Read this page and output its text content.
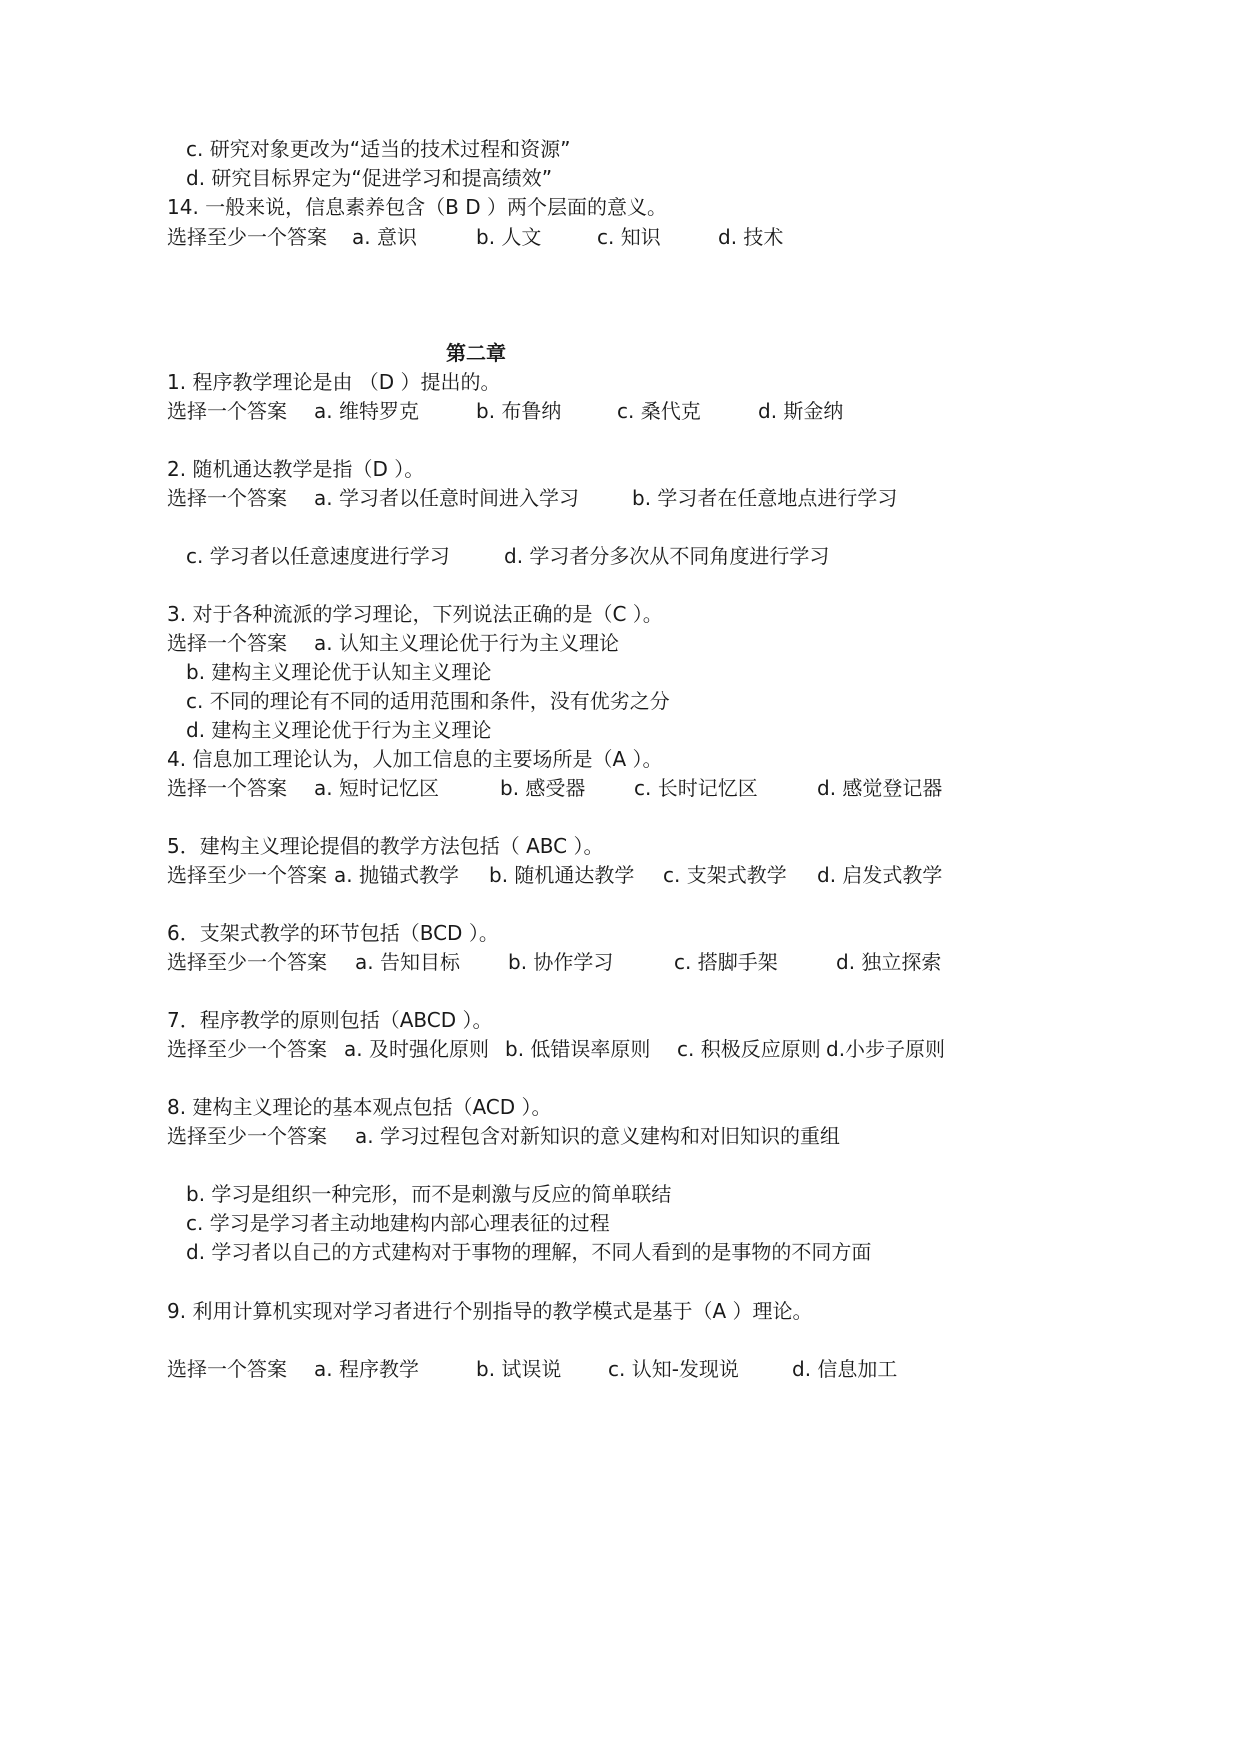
c. 研究对象更改为“适当的技术过程和资源”
d. 研究目标界定为“促进学习和提高绩效”
14. 一般来说，信息素养包含（B D ）两个层面的意义。
选择至少一个答案 a. 意识	b. 人文	c. 知识	d. 技术
第二章
1. 程序教学理论是由 （D ）提出的。
选择一个答案 a. 维特罗克	b. 布鲁纳	c. 桑代克	d. 斯金纳
2. 随机通达教学是指（D ）。
选择一个答案 a. 学习者以任意时间进入学习	b. 学习者在任意地点进行学习
c. 学习者以任意速度进行学习	d. 学习者分多次从不同角度进行学习
3. 对于各种流派的学习理论，下列说法正确的是（C ）。
选择一个答案 a. 认知主义理论优于行为主义理论
b. 建构主义理论优于认知主义理论
c. 不同的理论有不同的适用范围和条件，没有优劣之分
d. 建构主义理论优于行为主义理论
4. 信息加工理论认为，人加工信息的主要场所是（A ）。
选择一个答案 a. 短时记忆区	b. 感受器 c. 长时记忆区	d. 感觉登记器
5．建构主义理论提倡的教学方法包括（ ABC ）。
选择至少一个答案 a. 抛锚式教学 b. 随机通达教学 c. 支架式教学 d. 启发式教学
6．支架式教学的环节包括（BCD ）。
选择至少一个答案 a. 告知目标 b. 协作学习	c. 搭脚手架	d. 独立探索
7．程序教学的原则包括（ABCD ）。
选择至少一个答案 a. 及时强化原则 b. 低错误率原则 c. 积极反应原则 d.小步子原则
8. 建构主义理论的基本观点包括（ACD ）。
选择至少一个答案 a. 学习过程包含对新知识的意义建构和对旧知识的重组
b. 学习是组织一种完形，而不是刺激与反应的简单联结
c. 学习是学习者主动地建构内部心理表征的过程
d. 学习者以自己的方式建构对于事物的理解，不同人看到的是事物的不同方面
9. 利用计算机实现对学习者进行个别指导的教学模式是基于（A ）理论。
选择一个答案 a. 程序教学	b. 试误说 c. 认知-发现说	d. 信息加工
